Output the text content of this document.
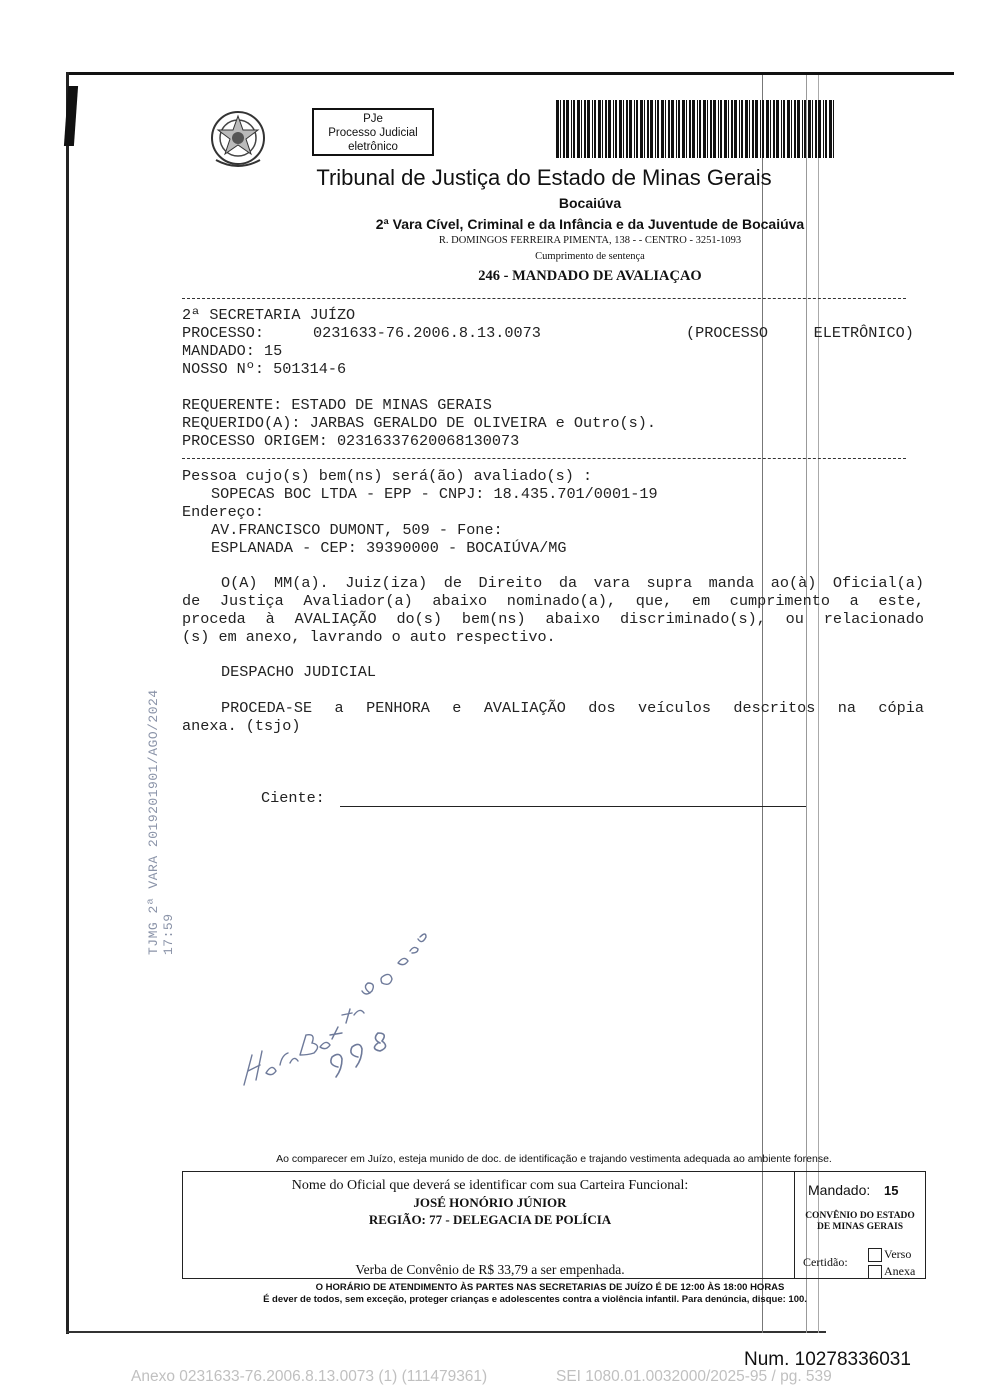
PJe
Processo Judicial
eletrônico
Tribunal de Justiça do Estado de Minas Gerais
Bocaiúva
2ª Vara Cível, Criminal e da Infância e da Juventude de Bocaiúva
R. DOMINGOS FERREIRA PIMENTA, 138 - - CENTRO - 3251-1093
Cumprimento de sentença
246 - MANDADO DE AVALIAÇAO
2ª SECRETARIA JUÍZO
PROCESSO:	0231633-76.2006.8.13.0073	(PROCESSO     ELETRÔNICO)
MANDADO: 15
NOSSO Nº: 501314-6
REQUERENTE: ESTADO DE MINAS GERAIS
REQUERIDO(A): JARBAS GERALDO DE OLIVEIRA e Outro(s).
PROCESSO ORIGEM: 02316337620068130073
Pessoa cujo(s) bem(ns) será(ão) avaliado(s) :
SOPECAS BOC LTDA - EPP - CNPJ: 18.435.701/0001-19
Endereço:
AV.FRANCISCO DUMONT, 509 - Fone:
ESPLANADA - CEP: 39390000 - BOCAIÚVA/MG
O(A) MM(a). Juiz(iza) de Direito da vara supra manda ao(à) Oficial(a)
de Justiça Avaliador(a) abaixo nominado(a), que, em cumprimento a este,
proceda à AVALIAÇÃO do(s) bem(ns) abaixo discriminado(s), ou relacionado
(s) em anexo, lavrando o auto respectivo.
DESPACHO JUDICIAL
PROCEDA-SE a PENHORA e AVALIAÇÃO dos veículos descritos na cópia
anexa. (tsjo)
Ciente:
TJMG 2ª VARA 2019201901/AGO/2024 17:59
Ao comparecer em Juízo, esteja munido de doc. de identificação e trajando vestimenta adequada ao ambiente forense.
Nome do Oficial que deverá se identificar com sua Carteira Funcional:
JOSÉ HONÓRIO JÚNIOR
REGIÃO: 77 - DELEGACIA DE POLÍCIA
Verba de Convênio de R$ 33,79 a ser empenhada.
Mandado: 15
CONVÊNIO DO ESTADO
DE MINAS GERAIS
Certidão:
Verso
Anexa
O HORÁRIO DE ATENDIMENTO ÀS PARTES NAS SECRETARIAS DE JUÍZO É DE 12:00 ÀS 18:00 HORAS
É dever de todos, sem exceção, proteger crianças e adolescentes contra a violência infantil. Para denúncia, disque: 100.
Num. 10278336031
Anexo 0231633-76.2006.8.13.0073 (1) (111479361)	SEI 1080.01.0032000/2025-95 / pg. 539
